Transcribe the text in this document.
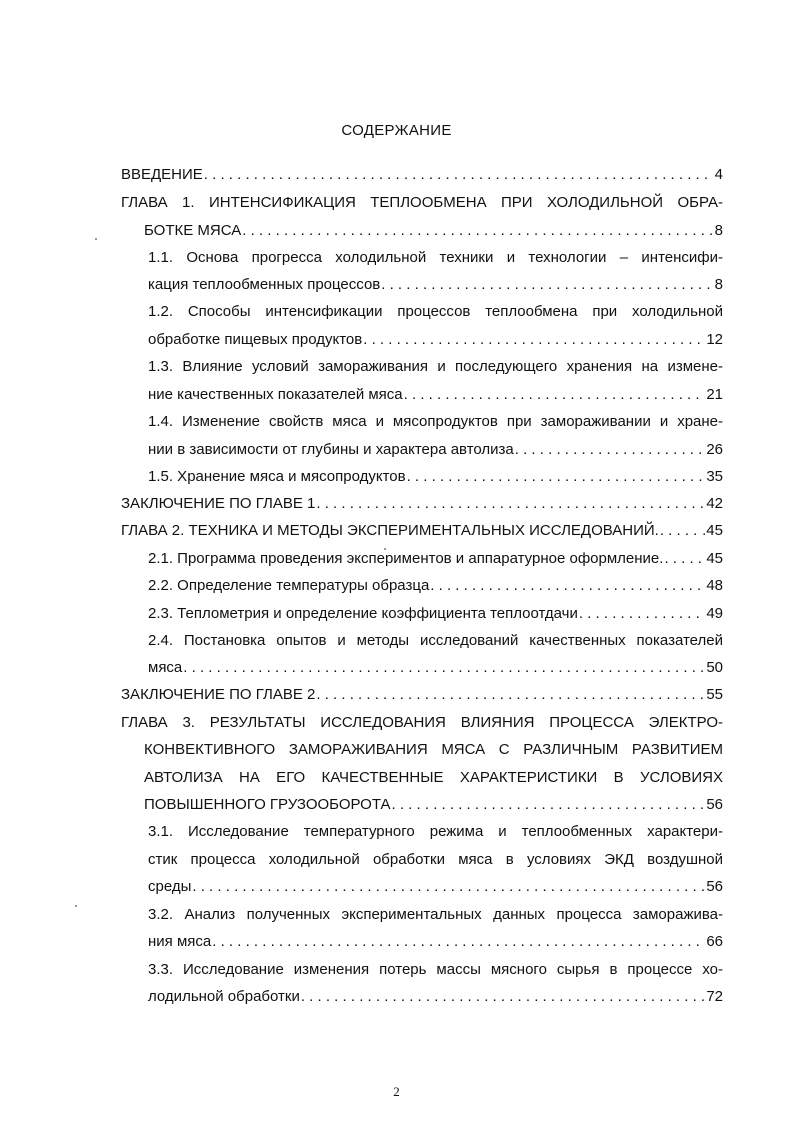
СОДЕРЖАНИЕ
ВВЕДЕНИЕ . . .	4
ГЛАВА 1. ИНТЕНСИФИКАЦИЯ ТЕПЛООБМЕНА ПРИ ХОЛОДИЛЬНОЙ ОБРА-
БОТКЕ МЯСА . . .	8
1.1. Основа прогресса холодильной техники и технологии – интенсифи-
кация теплообменных процессов . . .	8
1.2. Способы интенсификации процессов теплообмена при холодильной
обработке пищевых продуктов . . .	12
1.3. Влияние условий замораживания и последующего хранения на измене-
ние качественных показателей мяса . . .	21
1.4. Изменение свойств мяса и мясопродуктов при замораживании и хране-
нии в зависимости от глубины и характера автолиза . . .	26
1.5. Хранение мяса и мясопродуктов . . .	35
ЗАКЛЮЧЕНИЕ ПО ГЛАВЕ 1 . . .	42
ГЛАВА 2. ТЕХНИКА И МЕТОДЫ ЭКСПЕРИМЕНТАЛЬНЫХ ИССЛЕДОВАНИЙ. . . .	.45
2.1. Программа проведения экспериментов и аппаратурное оформление. . . .	45
2.2. Определение температуры образца . . .	48
2.3. Теплометрия и определение коэффициента теплоотдачи . . .	49
2.4. Постановка опытов и методы исследований качественных показателей
мяса . . .	50
ЗАКЛЮЧЕНИЕ ПО ГЛАВЕ 2 . . .	55
ГЛАВА 3. РЕЗУЛЬТАТЫ ИССЛЕДОВАНИЯ ВЛИЯНИЯ ПРОЦЕССА ЭЛЕКТРО-
КОНВЕКТИВНОГО ЗАМОРАЖИВАНИЯ МЯСА С РАЗЛИЧНЫМ РАЗВИТИЕМ
АВТОЛИЗА НА ЕГО КАЧЕСТВЕННЫЕ ХАРАКТЕРИСТИКИ В УСЛОВИЯХ
ПОВЫШЕННОГО ГРУЗООБОРОТА . . .	56
3.1. Исследование температурного режима и теплообменных характери-
стик процесса холодильной обработки мяса в условиях ЭКД воздушной
среды . . .	56
3.2. Анализ полученных экспериментальных данных процесса заморажива-
ния мяса . . .	66
3.3. Исследование изменения потерь массы мясного сырья в процессе хо-
лодильной обработки . . .	72
2
